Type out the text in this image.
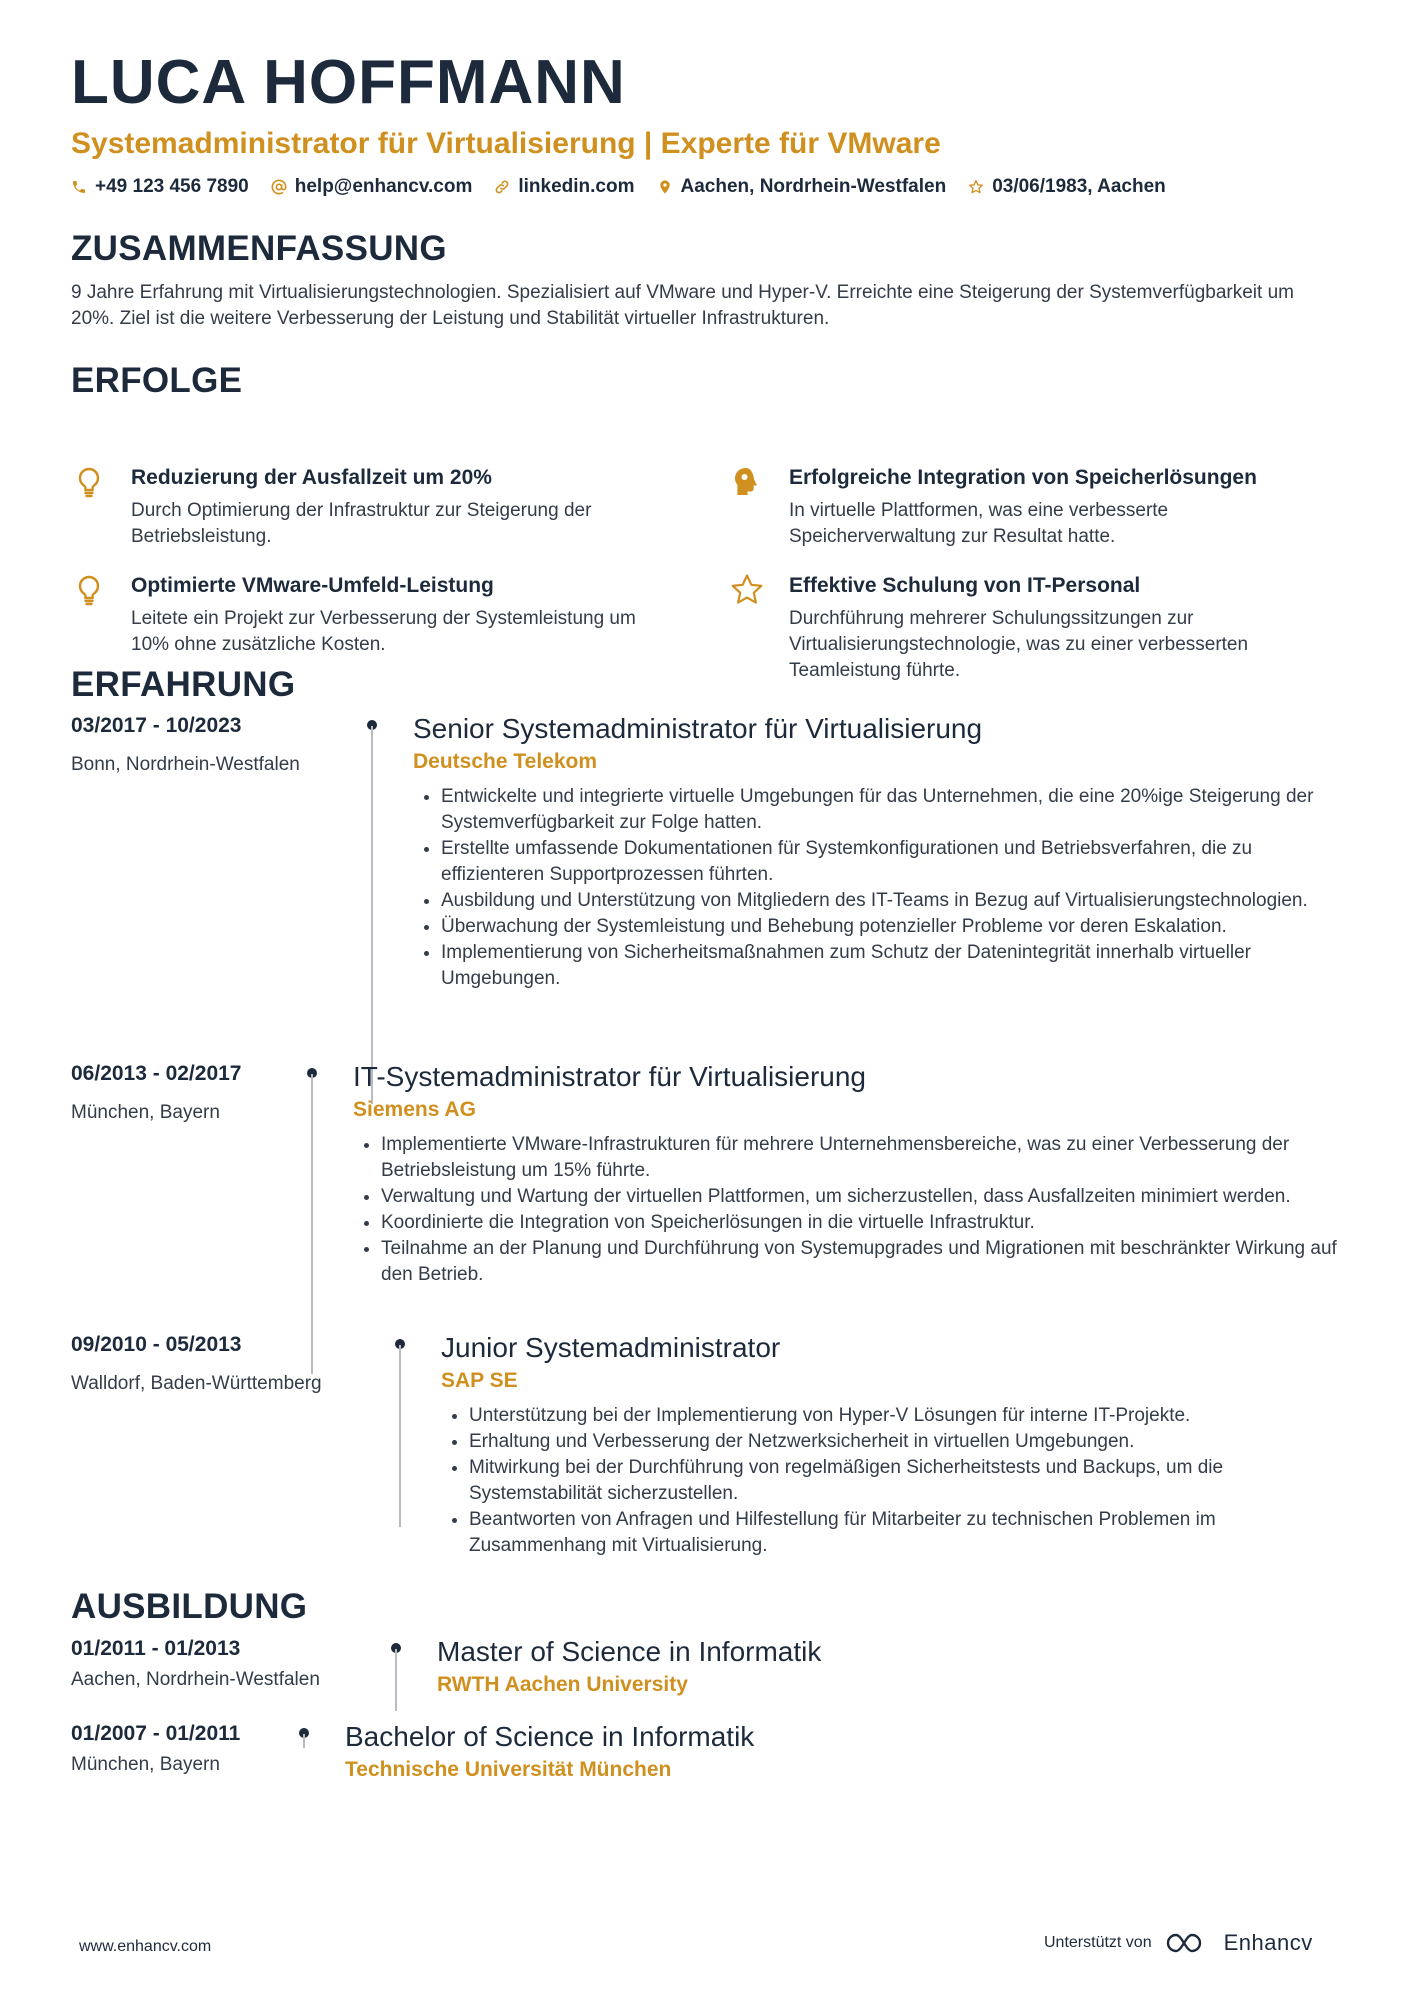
LUCA HOFFMANN
Systemadministrator für Virtualisierung | Experte für VMware
+49 123 456 7890 help@enhancv.com linkedin.com Aachen, Nordrhein-Westfalen 03/06/1983, Aachen
ZUSAMMENFASSUNG

9 Jahre Erfahrung mit Virtualisierungstechnologien. Spezialisiert auf VMware und Hyper-V. Erreichte eine Steigerung der Systemverfügbarkeit um 20%. Ziel ist die weitere Verbesserung der Leistung und Stabilität virtueller Infrastrukturen.

ERFOLGE
Reduzierung der Ausfallzeit um 20%
Durch Optimierung der Infrastruktur zur Steigerung der Betriebsleistung.
Erfolgreiche Integration von Speicherlösungen
In virtuelle Plattformen, was eine verbesserte Speicherverwaltung zur Resultat hatte.
Optimierte VMware-Umfeld-Leistung
Leitete ein Projekt zur Verbesserung der Systemleistung um 10% ohne zusätzliche Kosten.
Effektive Schulung von IT-Personal
Durchführung mehrerer Schulungssitzungen zur Virtualisierungstechnologie, was zu einer verbesserten Teamleistung führte.
ERFAHRUNG
03/2017 - 10/2023
Bonn, Nordrhein-Westfalen
Senior Systemadministrator für Virtualisierung
Deutsche Telekom
• Entwickelte und integrierte virtuelle Umgebungen für das Unternehmen, die eine 20%ige Steigerung der Systemverfügbarkeit zur Folge hatten.
• Erstellte umfassende Dokumentationen für Systemkonfigurationen und Betriebsverfahren, die zu effizienteren Supportprozessen führten.
• Ausbildung und Unterstützung von Mitgliedern des IT-Teams in Bezug auf Virtualisierungstechnologien.
• Überwachung der Systemleistung und Behebung potenzieller Probleme vor deren Eskalation.
• Implementierung von Sicherheitsmaßnahmen zum Schutz der Datenintegrität innerhalb virtueller Umgebungen.
06/2013 - 02/2017
München, Bayern
IT-Systemadministrator für Virtualisierung
Siemens AG
• Implementierte VMware-Infrastrukturen für mehrere Unternehmensbereiche, was zu einer Verbesserung der Betriebsleistung um 15% führte.
• Verwaltung und Wartung der virtuellen Plattformen, um sicherzustellen, dass Ausfallzeiten minimiert werden.
• Koordinierte die Integration von Speicherlösungen in die virtuelle Infrastruktur.
• Teilnahme an der Planung und Durchführung von Systemupgrades und Migrationen mit beschränkter Wirkung auf den Betrieb.
09/2010 - 05/2013
Walldorf, Baden-Württemberg
Junior Systemadministrator
SAP SE
• Unterstützung bei der Implementierung von Hyper-V Lösungen für interne IT-Projekte.
• Erhaltung und Verbesserung der Netzwerksicherheit in virtuellen Umgebungen.
• Mitwirkung bei der Durchführung von regelmäßigen Sicherheitstests und Backups, um die Systemstabilität sicherzustellen.
• Beantworten von Anfragen und Hilfestellung für Mitarbeiter zu technischen Problemen im Zusammenhang mit Virtualisierung.
AUSBILDUNG
01/2011 - 01/2013
Aachen, Nordrhein-Westfalen
Master of Science in Informatik
RWTH Aachen University
01/2007 - 01/2011
München, Bayern
Bachelor of Science in Informatik
Technische Universität München
www.enhancv.com	Unterstützt von	Enhancv
